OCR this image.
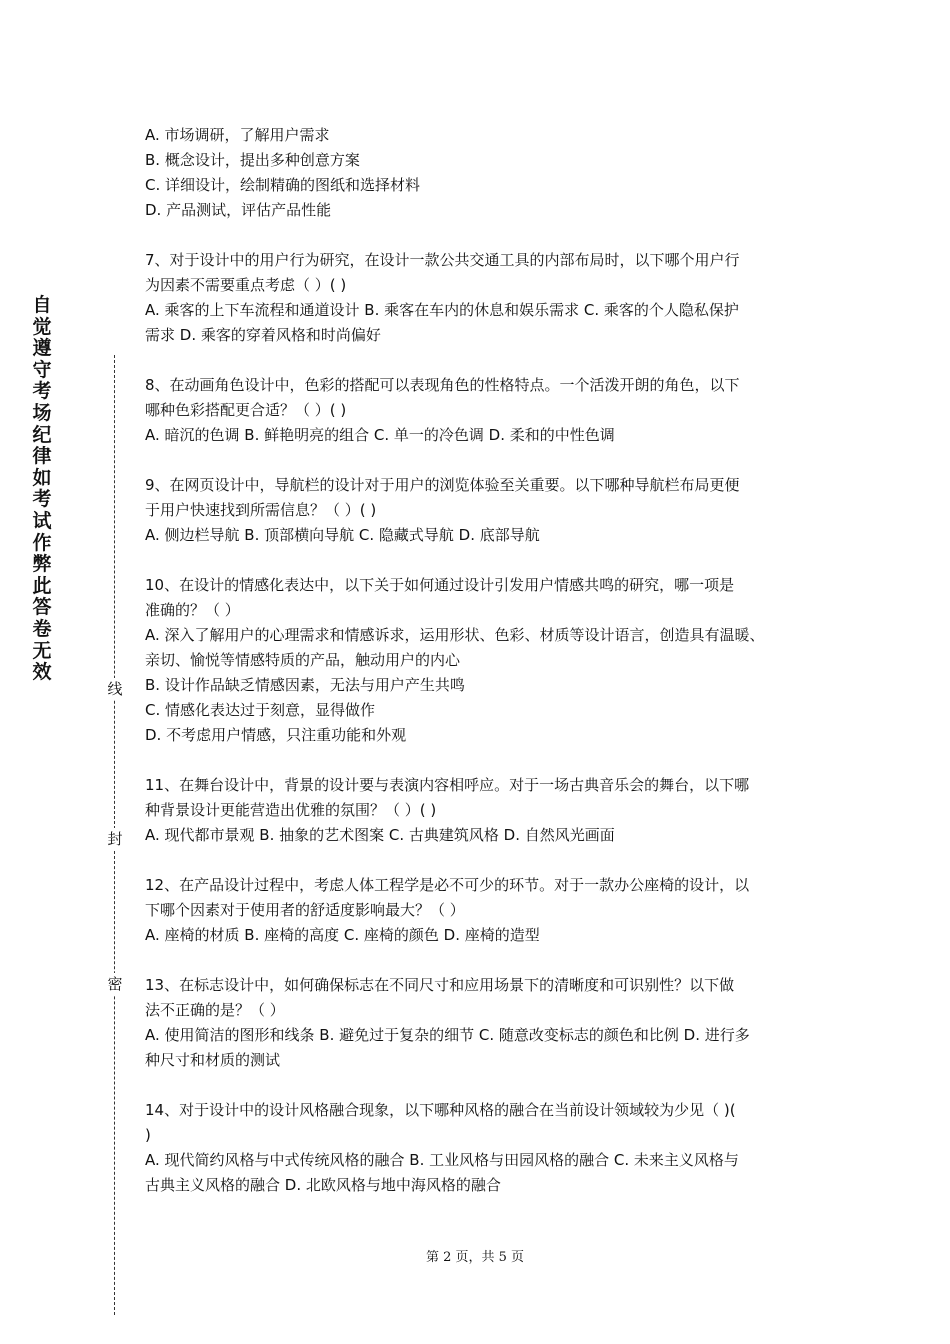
自
觉
遵
守
考
场
纪
律
如
考
试
作
弊
此
答
卷
无
效
线
封
密

A. 市场调研，了解用户需求

B. 概念设计，提出多种创意方案

C. 详细设计，绘制精确的图纸和选择材料

D. 产品测试，评估产品性能

7、对于设计中的用户行为研究，在设计一款公共交通工具的内部布局时，以下哪个用户行

为因素不需要重点考虑（ ）( )

A. 乘客的上下车流程和通道设计 B. 乘客在车内的休息和娱乐需求 C. 乘客的个人隐私保护

需求 D. 乘客的穿着风格和时尚偏好

8、在动画角色设计中，色彩的搭配可以表现角色的性格特点。一个活泼开朗的角色，以下

哪种色彩搭配更合适？（ ）( )

A. 暗沉的色调 B. 鲜艳明亮的组合 C. 单一的冷色调 D. 柔和的中性色调

9、在网页设计中，导航栏的设计对于用户的浏览体验至关重要。以下哪种导航栏布局更便

于用户快速找到所需信息？（ ）( )

A. 侧边栏导航 B. 顶部横向导航 C. 隐藏式导航 D. 底部导航

10、在设计的情感化表达中，以下关于如何通过设计引发用户情感共鸣的研究，哪一项是

准确的？（ ）

A. 深入了解用户的心理需求和情感诉求，运用形状、色彩、材质等设计语言，创造具有温暖、

亲切、愉悦等情感特质的产品，触动用户的内心

B. 设计作品缺乏情感因素，无法与用户产生共鸣

C. 情感化表达过于刻意，显得做作

D. 不考虑用户情感，只注重功能和外观

11、在舞台设计中，背景的设计要与表演内容相呼应。对于一场古典音乐会的舞台，以下哪

种背景设计更能营造出优雅的氛围？（ ）( )

A. 现代都市景观 B. 抽象的艺术图案 C. 古典建筑风格 D. 自然风光画面

12、在产品设计过程中，考虑人体工程学是必不可少的环节。对于一款办公座椅的设计，以

下哪个因素对于使用者的舒适度影响最大？（ ）

A. 座椅的材质 B. 座椅的高度 C. 座椅的颜色 D. 座椅的造型

13、在标志设计中，如何确保标志在不同尺寸和应用场景下的清晰度和可识别性？以下做

法不正确的是？（ ）

A. 使用简洁的图形和线条 B. 避免过于复杂的细节 C. 随意改变标志的颜色和比例 D. 进行多

种尺寸和材质的测试

14、对于设计中的设计风格融合现象，以下哪种风格的融合在当前设计领域较为少见（ )(

)

A. 现代简约风格与中式传统风格的融合 B. 工业风格与田园风格的融合 C. 未来主义风格与

古典主义风格的融合 D. 北欧风格与地中海风格的融合

第 2 页，共 5 页
